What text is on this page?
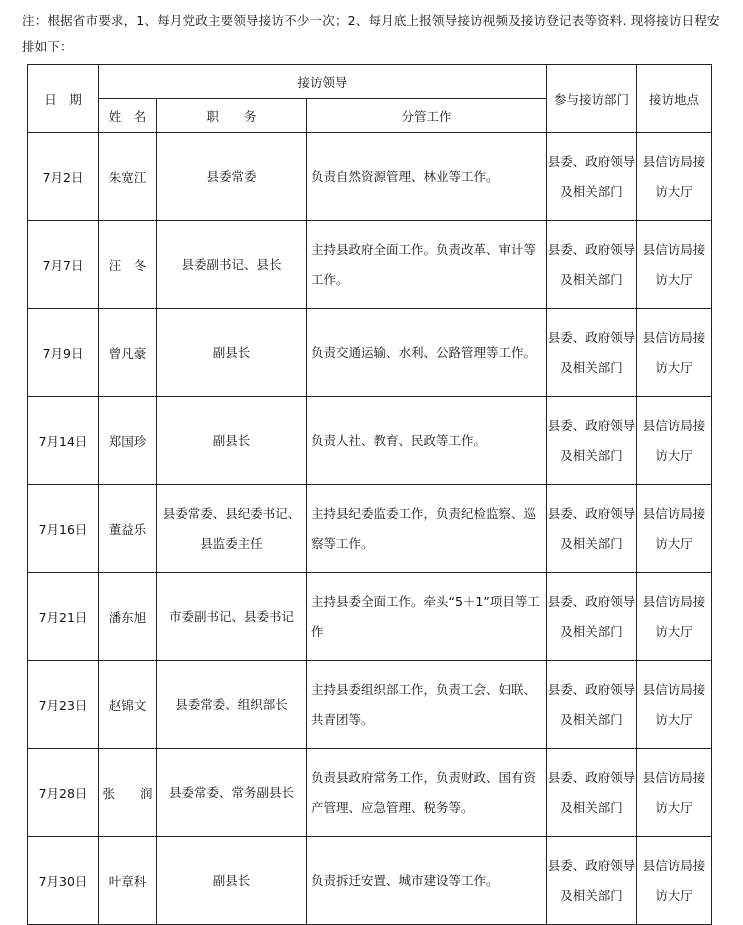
注：根据省市要求，1、每月党政主要领导接访不少一次；2、每月底上报领导接访视频及接访登记表等资料. 现将接访日程安排如下：
日　期	接访领导			参与接访部门	接访地点
	姓　名	职　　务	分管工作		
7月2日	朱宽江	县委常委	负责自然资源管理、林业等工作。	县委、政府领导及相关部门	县信访局接访大厅
7月7日	汪　冬	县委副书记、县长	主持县政府全面工作。负责改革、审计等工作。	县委、政府领导及相关部门	县信访局接访大厅
7月9日	曾凡豪	副县长	负责交通运输、水利、公路管理等工作。	县委、政府领导及相关部门	县信访局接访大厅
7月14日	郑国珍	副县长	负责人社、教育、民政等工作。	县委、政府领导及相关部门	县信访局接访大厅
7月16日	董益乐	县委常委、县纪委书记、县监委主任	主持县纪委监委工作，负责纪检监察、巡察等工作。	县委、政府领导及相关部门	县信访局接访大厅
7月21日	潘东旭	市委副书记、县委书记	主持县委全面工作。牵头“5＋1”项目等工作	县委、政府领导及相关部门	县信访局接访大厅
7月23日	赵锦文	县委常委、组织部长	主持县委组织部工作，负责工会、妇联、共青团等。	县委、政府领导及相关部门	县信访局接访大厅
7月28日	张　　润	县委常委、常务副县长	负责县政府常务工作，负责财政、国有资产管理、应急管理、税务等。	县委、政府领导及相关部门	县信访局接访大厅
7月30日	叶章科	副县长	负责拆迁安置、城市建设等工作。	县委、政府领导及相关部门	县信访局接访大厅
